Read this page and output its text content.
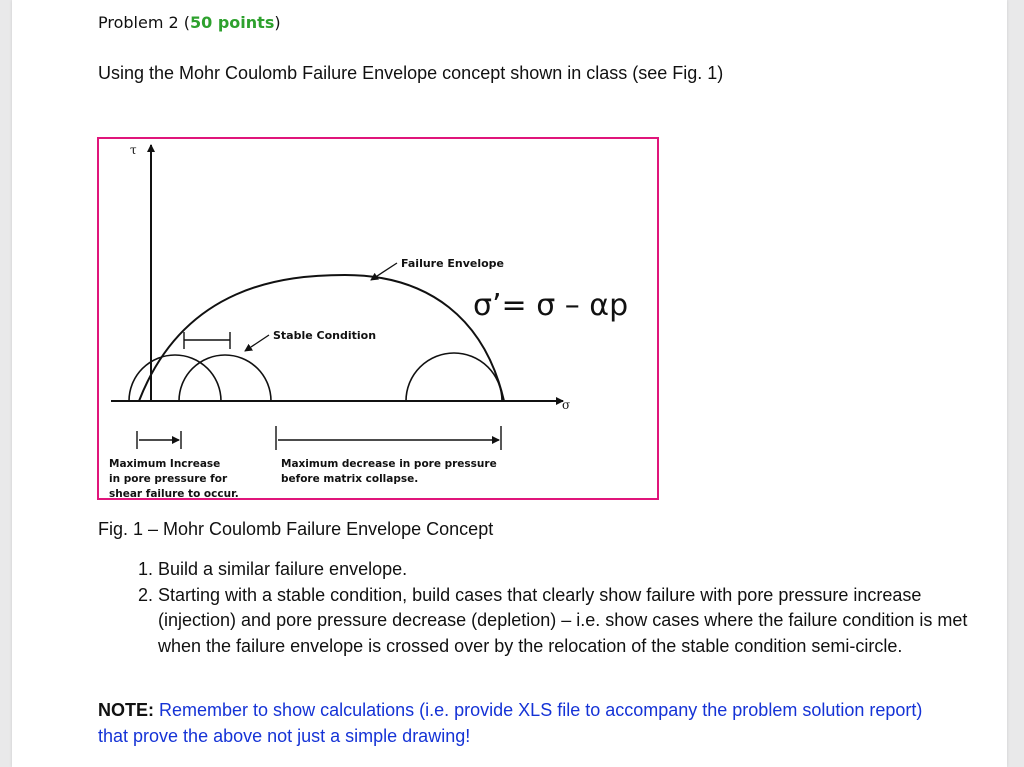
Problem 2 (50 points)
Using the Mohr Coulomb Failure Envelope concept shown in class (see Fig. 1)
τ
σ
Failure Envelope
Stable Condition
σ’= σ – αp
Maximum Increase in pore pressure for shear failure to occur.
Maximum decrease in pore pressure before matrix collapse.
Fig. 1 – Mohr Coulomb Failure Envelope Concept
1. Build a similar failure envelope.
2. Starting with a stable condition, build cases that clearly show failure with pore pressure increase (injection) and pore pressure decrease (depletion) – i.e. show cases where the failure condition is met when the failure envelope is crossed over by the relocation of the stable condition semi-circle.
NOTE: Remember to show calculations (i.e. provide XLS file to accompany the problem solution report) that prove the above not just a simple drawing!
